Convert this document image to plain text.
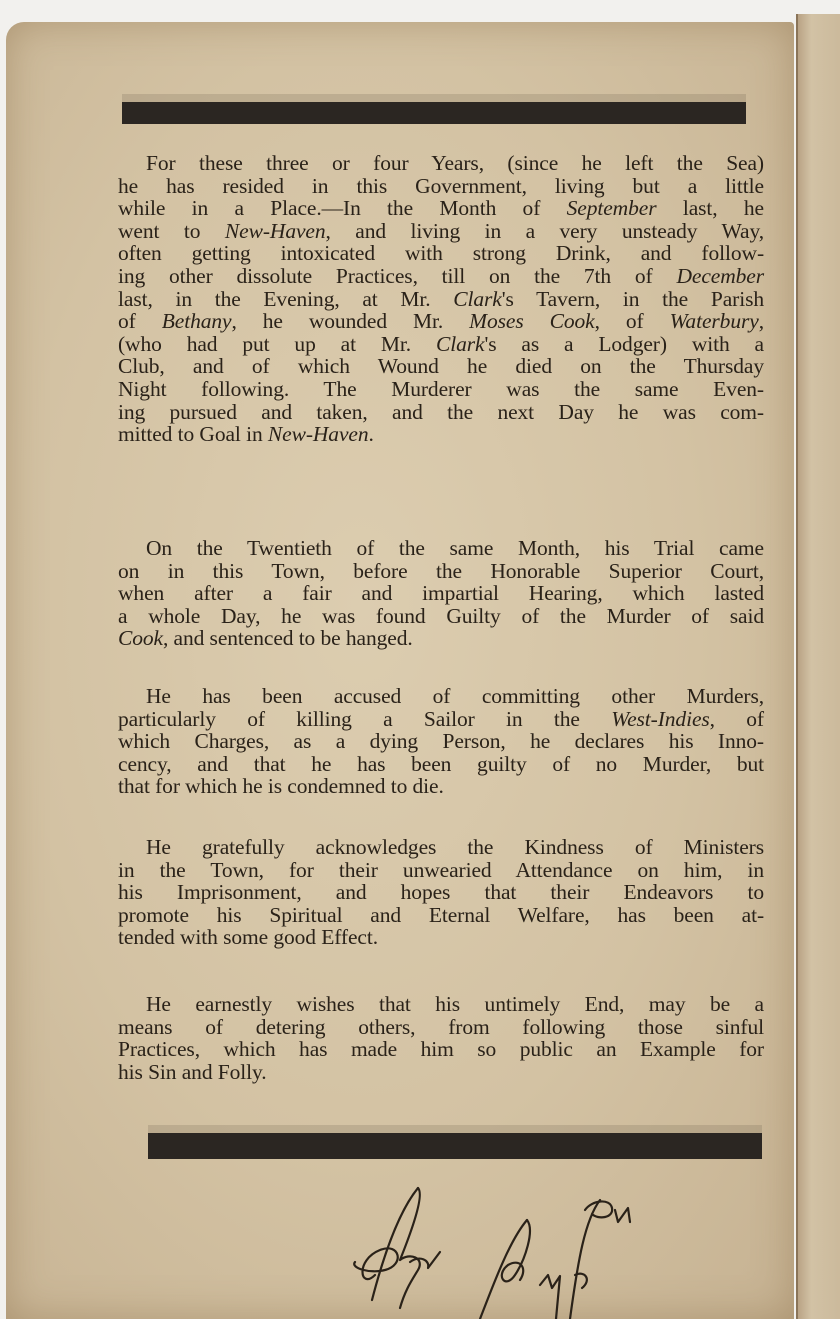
For these three or four Years, (since he left the Sea)
he has resided in this Government, living but a little
while in a Place.—In the Month of September last, he
went to New-Haven, and living in a very unsteady Way,
often getting intoxicated with strong Drink, and follow-
ing other dissolute Practices, till on the 7th of December
last, in the Evening, at Mr. Clark's Tavern, in the Parish
of Bethany, he wounded Mr. Moses Cook, of Waterbury,
(who had put up at Mr. Clark's as a Lodger) with a
Club, and of which Wound he died on the Thursday
Night following. The Murderer was the same Even-
ing pursued and taken, and the next Day he was com-
mitted to Goal in New-Haven.
On the Twentieth of the same Month, his Trial came
on in this Town, before the Honorable Superior Court,
when after a fair and impartial Hearing, which lasted
a whole Day, he was found Guilty of the Murder of said
Cook, and sentenced to be hanged.
He has been accused of committing other Murders,
particularly of killing a Sailor in the West-Indies, of
which Charges, as a dying Person, he declares his Inno-
cency, and that he has been guilty of no Murder, but
that for which he is condemned to die.
He gratefully acknowledges the Kindness of Ministers
in the Town, for their unwearied Attendance on him, in
his Imprisonment, and hopes that their Endeavors to
promote his Spiritual and Eternal Welfare, has been at-
tended with some good Effect.
He earnestly wishes that his untimely End, may be a
means of detering others, from following those sinful
Practices, which has made him so public an Example for
his Sin and Folly.
